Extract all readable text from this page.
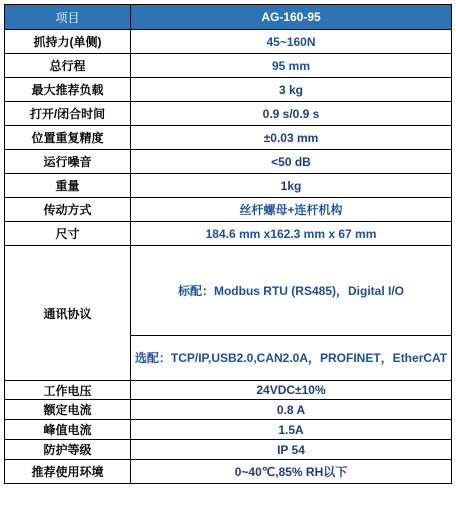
项目	AG-160-95
抓持力(单侧)	45~160N
总行程	95 mm
最大推荐负载	3 kg
打开/闭合时间	0.9 s/0.9 s
位置重复精度	±0.03 mm
运行噪音	<50 dB
重量	1kg
传动方式	丝杆螺母+连杆机构
尺寸	184.6 mm x162.3 mm x 67 mm
通讯协议	标配：Modbus RTU (RS485)，Digital I/O
	选配：TCP/IP,USB2.0,CAN2.0A，PROFINET，EtherCAT
工作电压	24VDC±10%
额定电流	0.8 A
峰值电流	1.5A
防护等级	IP 54
推荐使用环境	0~40℃,85% RH以下
